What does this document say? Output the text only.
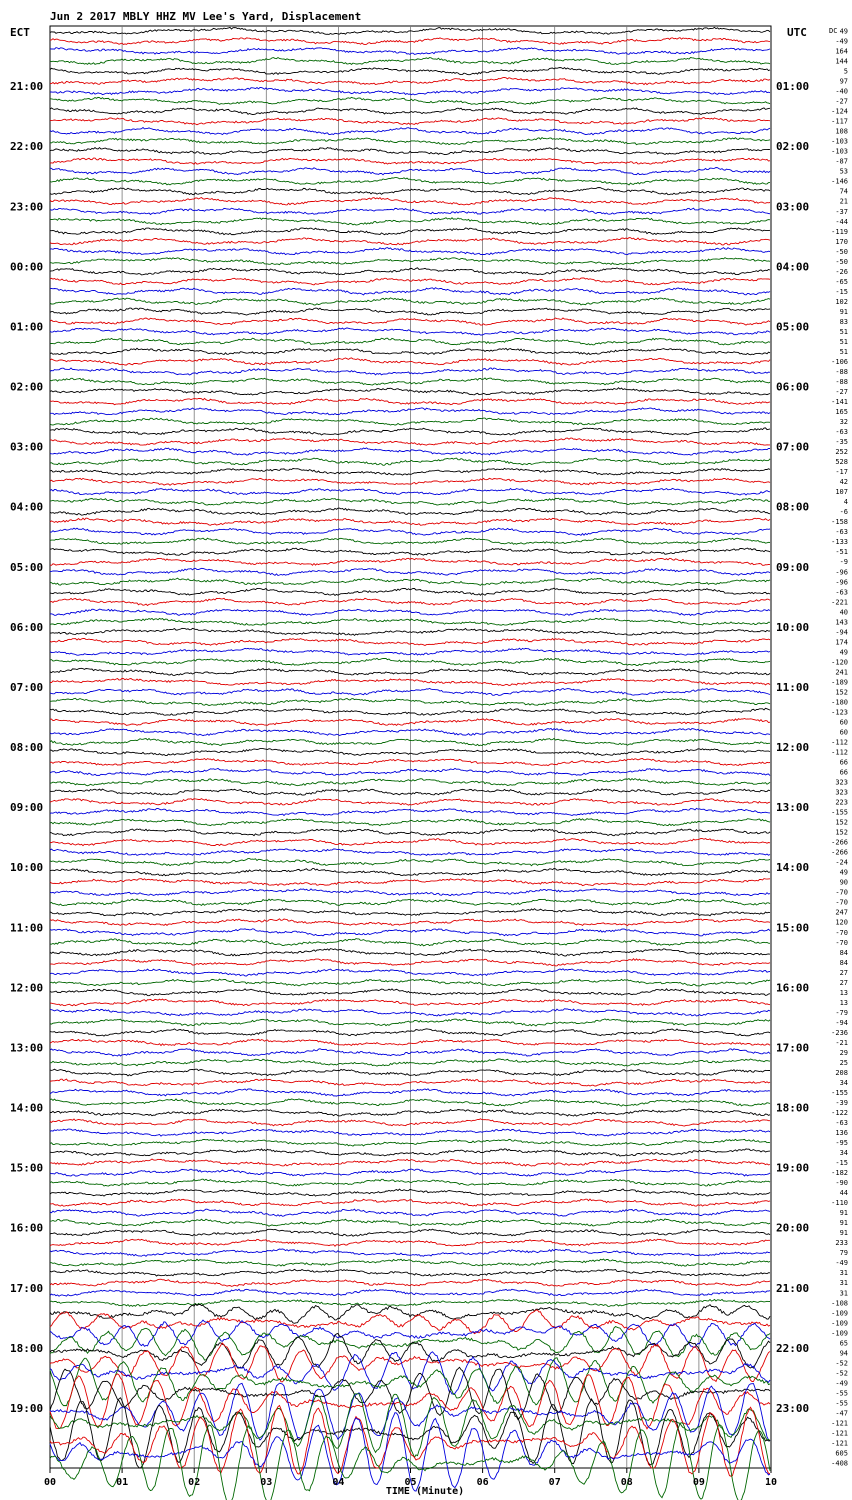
Jun 2 2017 MBLY HHZ MV Lee's Yard, Displacement
ECT	UTC	DC
21:00
22:00
23:00
00:00
01:00
02:00
03:00
04:00
05:00
06:00
07:00
08:00
09:00
10:00
11:00
12:00
13:00
14:00
15:00
16:00
17:00
18:00
19:00
01:00
02:00
03:00
04:00
05:00
06:00
07:00
08:00
09:00
10:00
11:00
12:00
13:00
14:00
15:00
16:00
17:00
18:00
19:00
20:00
21:00
22:00
23:00
49
-49
164
144
5
97
-40
-27
-124
-117
108
-103
-103
-87
53
-146
74
21
-37
-44
-119
170
-50
-50
-26
-65
-15
102
91
83
51
51
51
-106
-88
-88
-27
-141
165
32
-63
-35
252
528
-17
42
107
4
-6
-158
-63
-133
-51
-9
-96
-96
-63
-221
40
143
-94
174
49
-120
241
-189
152
-180
-123
60
60
-112
-112
66
66
323
323
223
-155
152
152
-266
-266
-24
49
90
-70
-70
247
120
-70
-70
84
84
27
27
13
13
-79
-94
-236
-21
29
25
208
34
-155
-39
-122
-63
136
-95
34
-15
-182
-90
44
-110
91
91
91
233
79
-49
31
31
31
-108
-109
-109
-109
65
94
-52
-52
-49
-55
-55
-47
-121
-121
-121
605
-408
00	01	02	03	04	05	06	07	08	09	10
TIME (Minute)
